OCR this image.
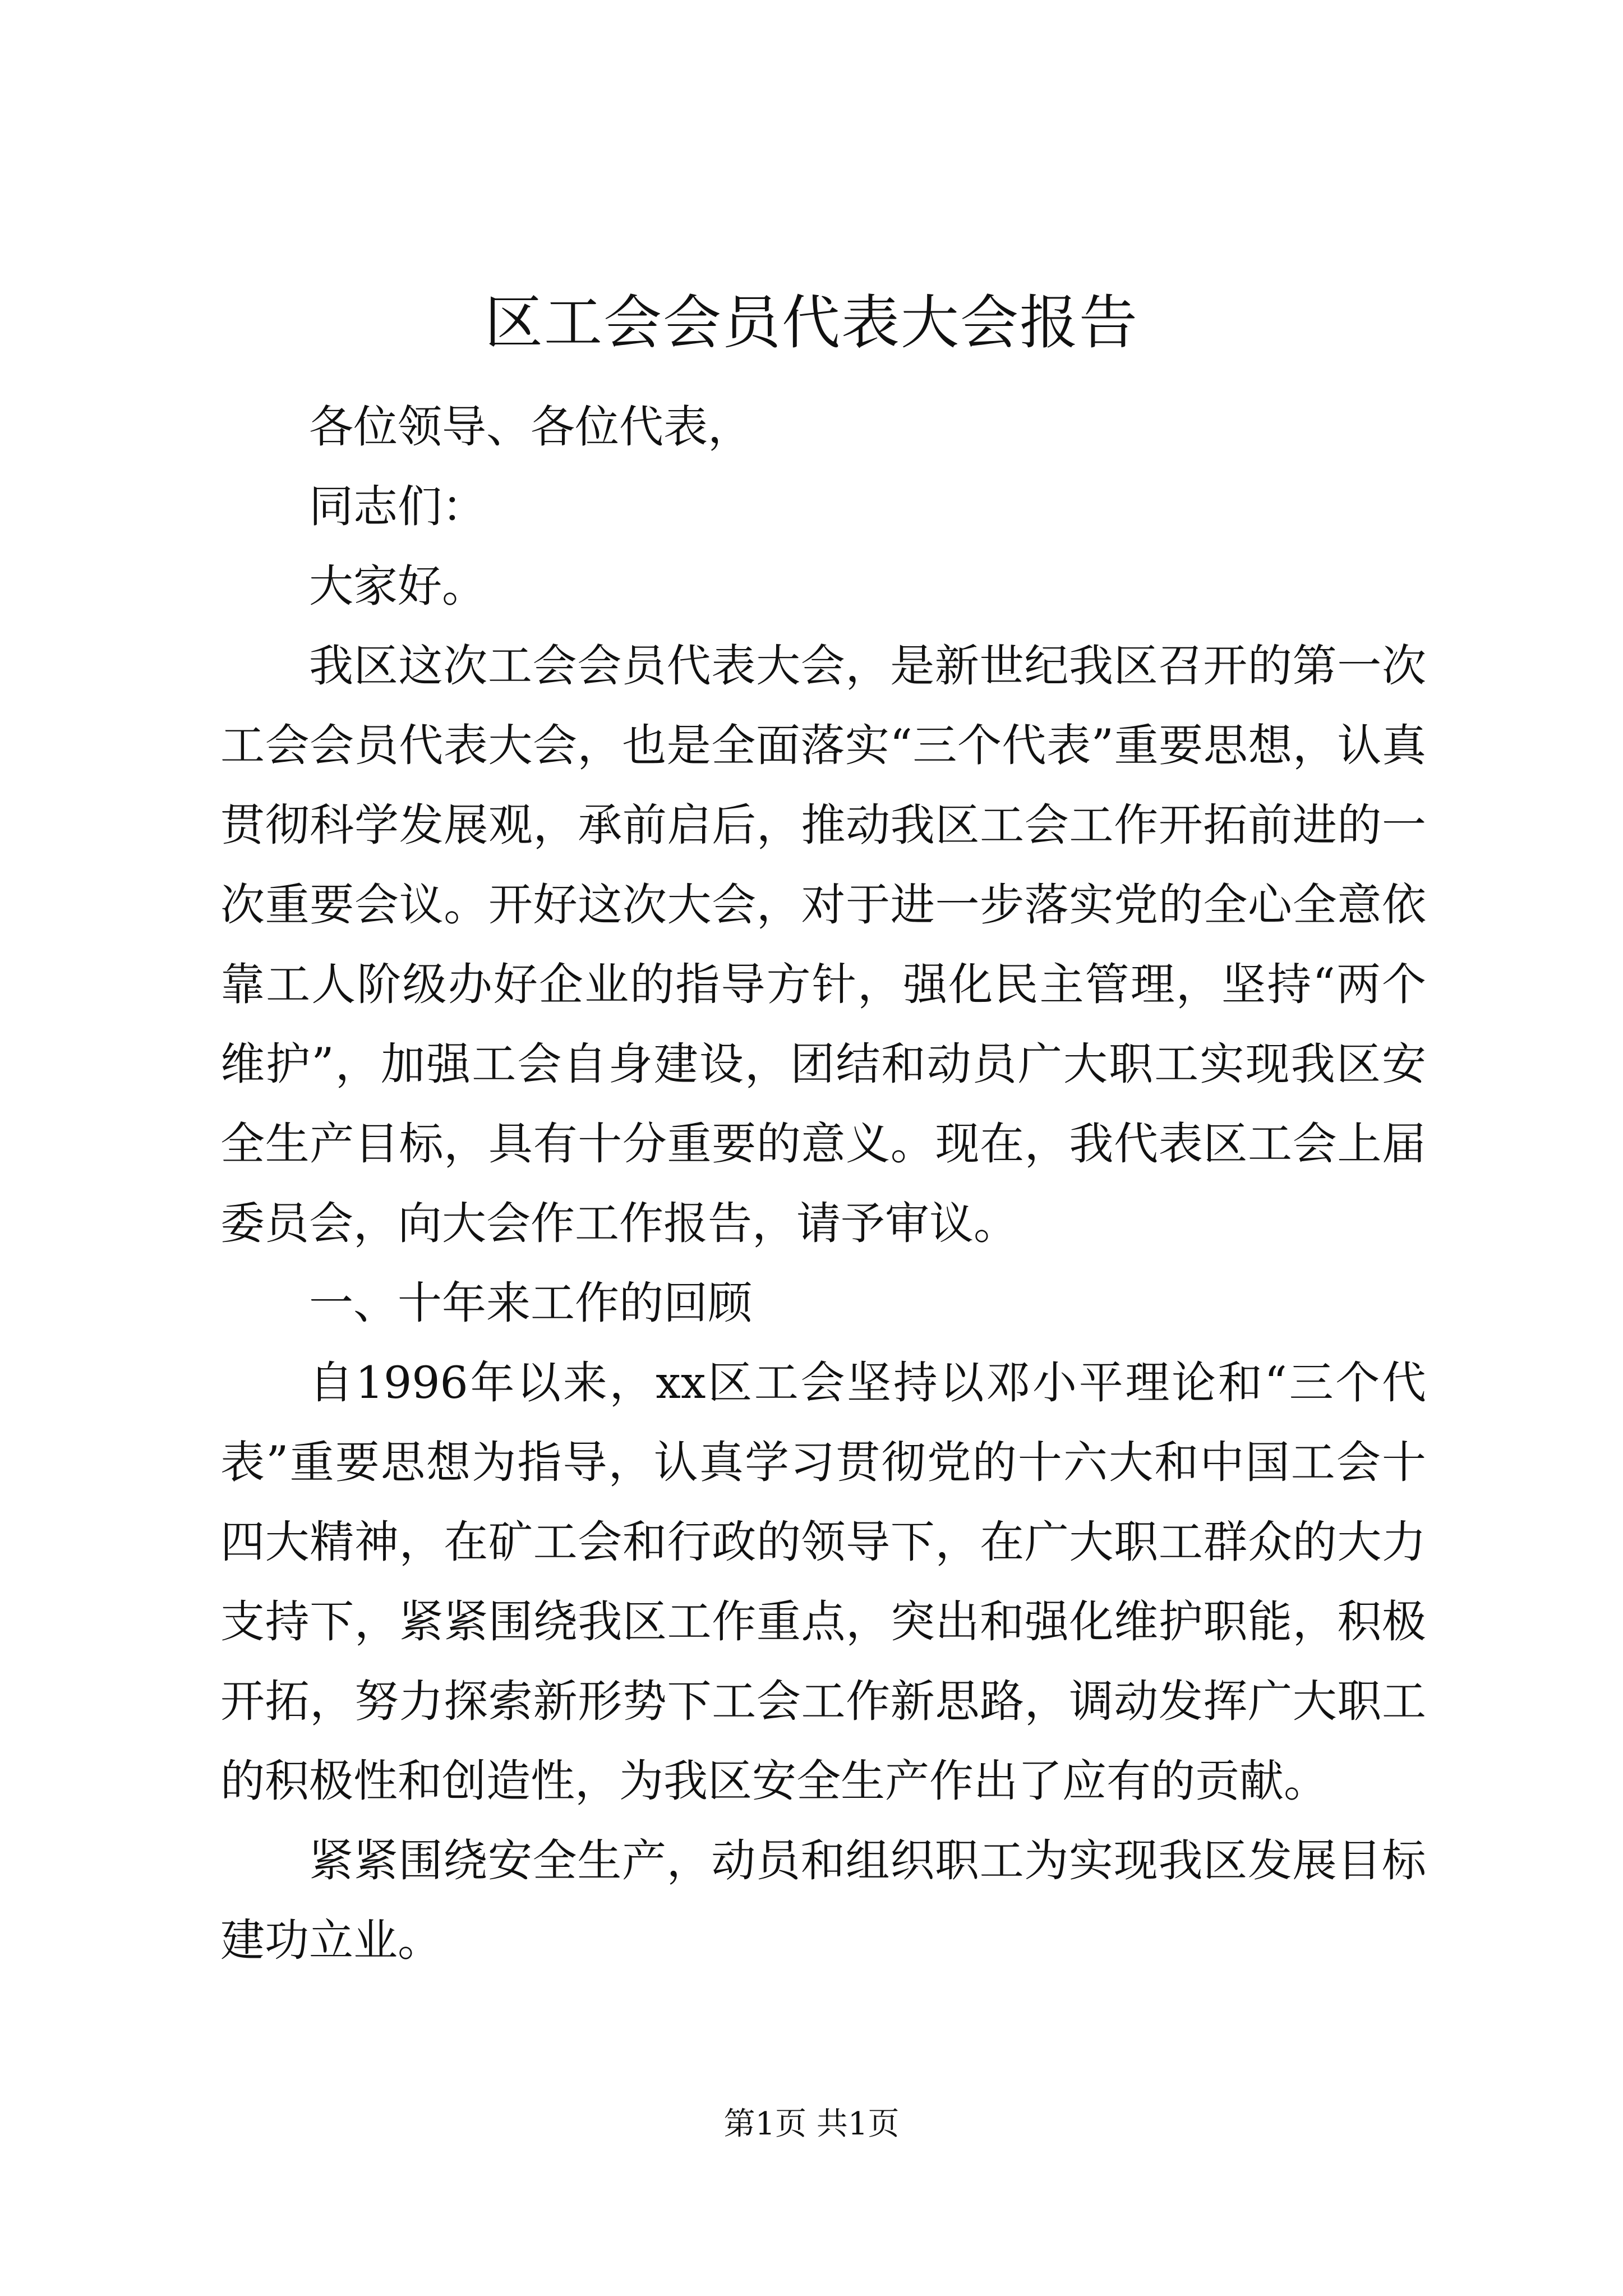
区工会会员代表大会报告

各位领导、各位代表，

同志们：

大家好。

我区这次工会会员代表大会，是新世纪我区召开的第一次工会会员代表大会，也是全面落实“三个代表”重要思想，认真贯彻科学发展观，承前启后，推动我区工会工作开拓前进的一次重要会议。开好这次大会，对于进一步落实党的全心全意依靠工人阶级办好企业的指导方针，强化民主管理，坚持“两个维护”，加强工会自身建设，团结和动员广大职工实现我区安全生产目标，具有十分重要的意义。现在，我代表区工会上届委员会，向大会作工作报告，请予审议。

一、十年来工作的回顾

自1996年以来，xx区工会坚持以邓小平理论和“三个代表”重要思想为指导，认真学习贯彻党的十六大和中国工会十四大精神，在矿工会和行政的领导下，在广大职工群众的大力支持下，紧紧围绕我区工作重点，突出和强化维护职能，积极开拓，努力探索新形势下工会工作新思路，调动发挥广大职工的积极性和创造性，为我区安全生产作出了应有的贡献。

紧紧围绕安全生产，动员和组织职工为实现我区发展目标建功立业。

第1页 共1页
